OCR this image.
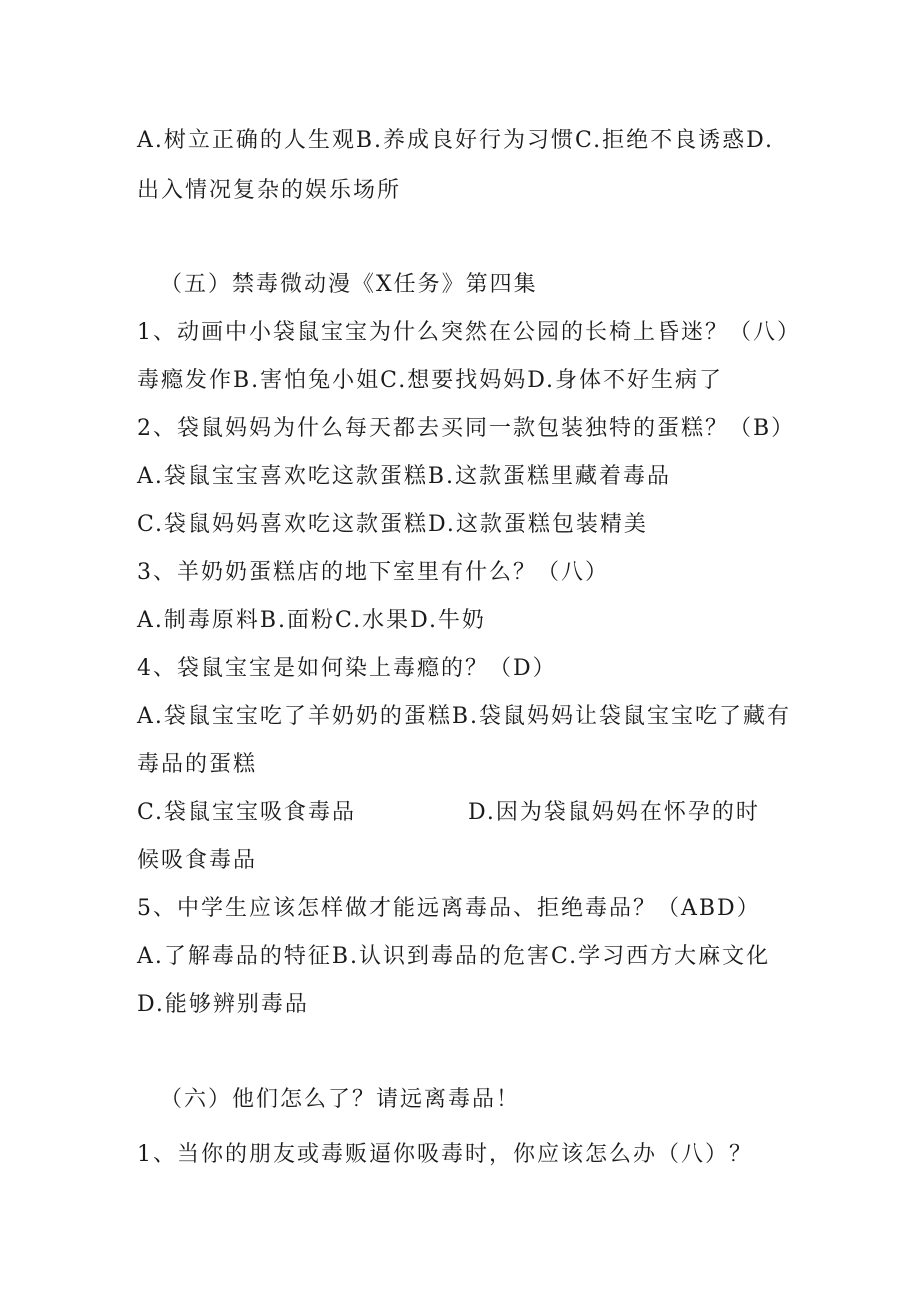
A.树立正确的人生观B.养成良好行为习惯C.拒绝不良诱惑D.
出入情况复杂的娱乐场所
（五）禁毒微动漫《X任务》第四集
1、动画中小袋鼠宝宝为什么突然在公园的长椅上昏迷？（八）
毒瘾发作B.害怕兔小姐C.想要找妈妈D.身体不好生病了
2、袋鼠妈妈为什么每天都去买同一款包装独特的蛋糕？（B）
A.袋鼠宝宝喜欢吃这款蛋糕B.这款蛋糕里藏着毒品
C.袋鼠妈妈喜欢吃这款蛋糕D.这款蛋糕包装精美
3、羊奶奶蛋糕店的地下室里有什么？（八）
A.制毒原料B.面粉C.水果D.牛奶
4、袋鼠宝宝是如何染上毒瘾的？（D）
A.袋鼠宝宝吃了羊奶奶的蛋糕B.袋鼠妈妈让袋鼠宝宝吃了藏有
毒品的蛋糕
C.袋鼠宝宝吸食毒品	D.因为袋鼠妈妈在怀孕的时
候吸食毒品
5、中学生应该怎样做才能远离毒品、拒绝毒品？（ABD）
A.了解毒品的特征B.认识到毒品的危害C.学习西方大麻文化
D.能够辨别毒品
（六）他们怎么了？请远离毒品！
1、当你的朋友或毒贩逼你吸毒时，你应该怎么办（八）？
